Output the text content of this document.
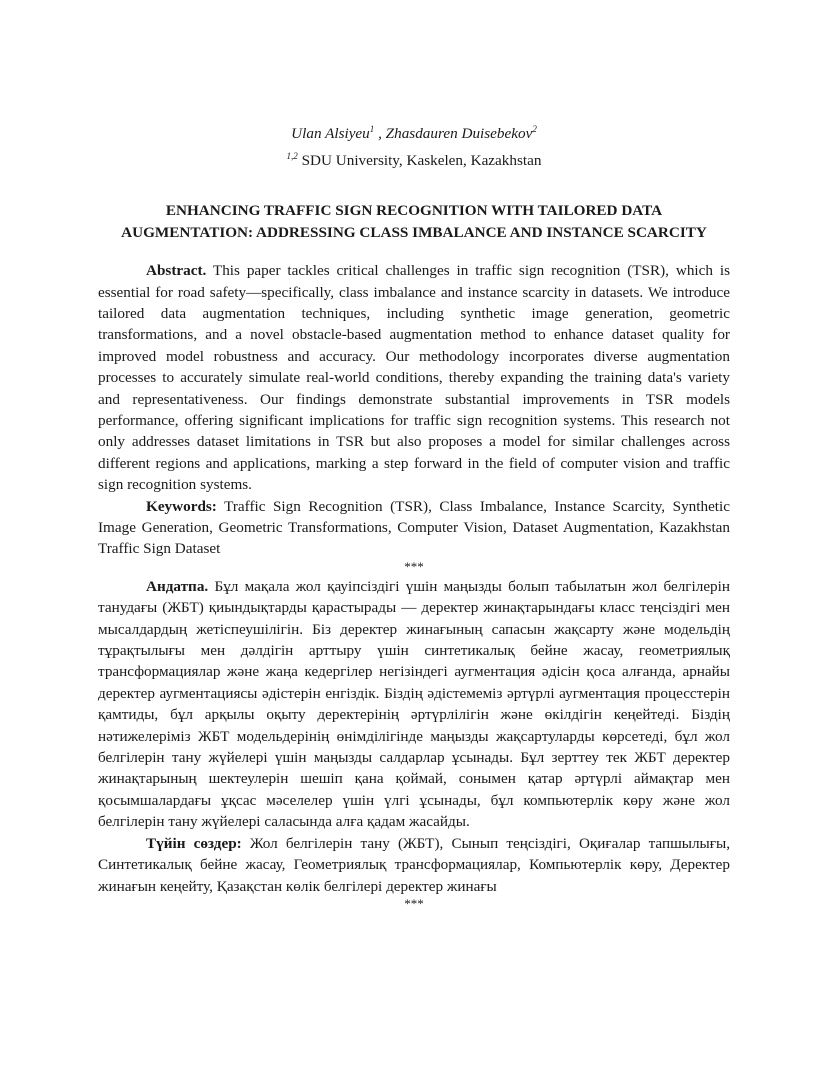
Ulan Alsiyeu$^1$ , Zhasdauren Duisebekov$^2$

$^{1,2}$ SDU University, Kaskelen, Kazakhstan

ENHANCING TRAFFIC SIGN RECOGNITION WITH TAILORED DATA AUGMENTATION: ADDRESSING CLASS IMBALANCE AND INSTANCE SCARCITY

Abstract. This paper tackles critical challenges in traffic sign recognition (TSR), which is essential for road safety—specifically, class imbalance and instance scarcity in datasets. We introduce tailored data augmentation techniques, including synthetic image generation, geometric transformations, and a novel obstacle-based augmentation method to enhance dataset quality for improved model robustness and accuracy. Our methodology incorporates diverse augmentation processes to accurately simulate real-world conditions, thereby expanding the training data's variety and representativeness. Our findings demonstrate substantial improvements in TSR models performance, offering significant implications for traffic sign recognition systems. This research not only addresses dataset limitations in TSR but also proposes a model for similar challenges across different regions and applications, marking a step forward in the field of computer vision and traffic sign recognition systems.

Keywords: Traffic Sign Recognition (TSR), Class Imbalance, Instance Scarcity, Synthetic Image Generation, Geometric Transformations, Computer Vision, Dataset Augmentation, Kazakhstan Traffic Sign Dataset

***

Андатпа. Бұл мақала жол қауіпсіздігі үшін маңызды болып табылатын жол белгілерін танудағы (ЖБТ) қиындықтарды қарастырады — деректер жинақтарындағы класс теңсіздігі мен мысалдардың жетіспеушілігін. Біз деректер жинағының сапасын жақсарту және модельдің тұрақтылығы мен дәлдігін арттыру үшін синтетикалық бейне жасау, геометриялық трансформациялар және жаңа кедергілер негізіндегі аугментация әдісін қоса алғанда, арнайы деректер аугментациясы әдістерін енгіздік. Біздің әдістемеміз әртүрлі аугментация процесстерін қамтиды, бұл арқылы оқыту деректерінің әртүрлілігін және өкілдігін кеңейтеді. Біздің нәтижелеріміз ЖБТ модельдерінің өнімділігінде маңызды жақсартуларды көрсетеді, бұл жол белгілерін тану жүйелері үшін маңызды салдарлар ұсынады. Бұл зерттеу тек ЖБТ деректер жинақтарының шектеулерін шешіп қана қоймай, сонымен қатар әртүрлі аймақтар мен қосымшалардағы ұқсас мәселелер үшін үлгі ұсынады, бұл компьютерлік көру және жол белгілерін тану жүйелері саласында алға қадам жасайды.

Түйін сөздер: Жол белгілерін тану (ЖБТ), Сынып теңсіздігі, Оқиғалар тапшылығы, Синтетикалық бейне жасау, Геометриялық трансформациялар, Компьютерлік көру, Деректер жинағын кеңейту, Қазақстан көлік белгілері деректер жинағы

***
